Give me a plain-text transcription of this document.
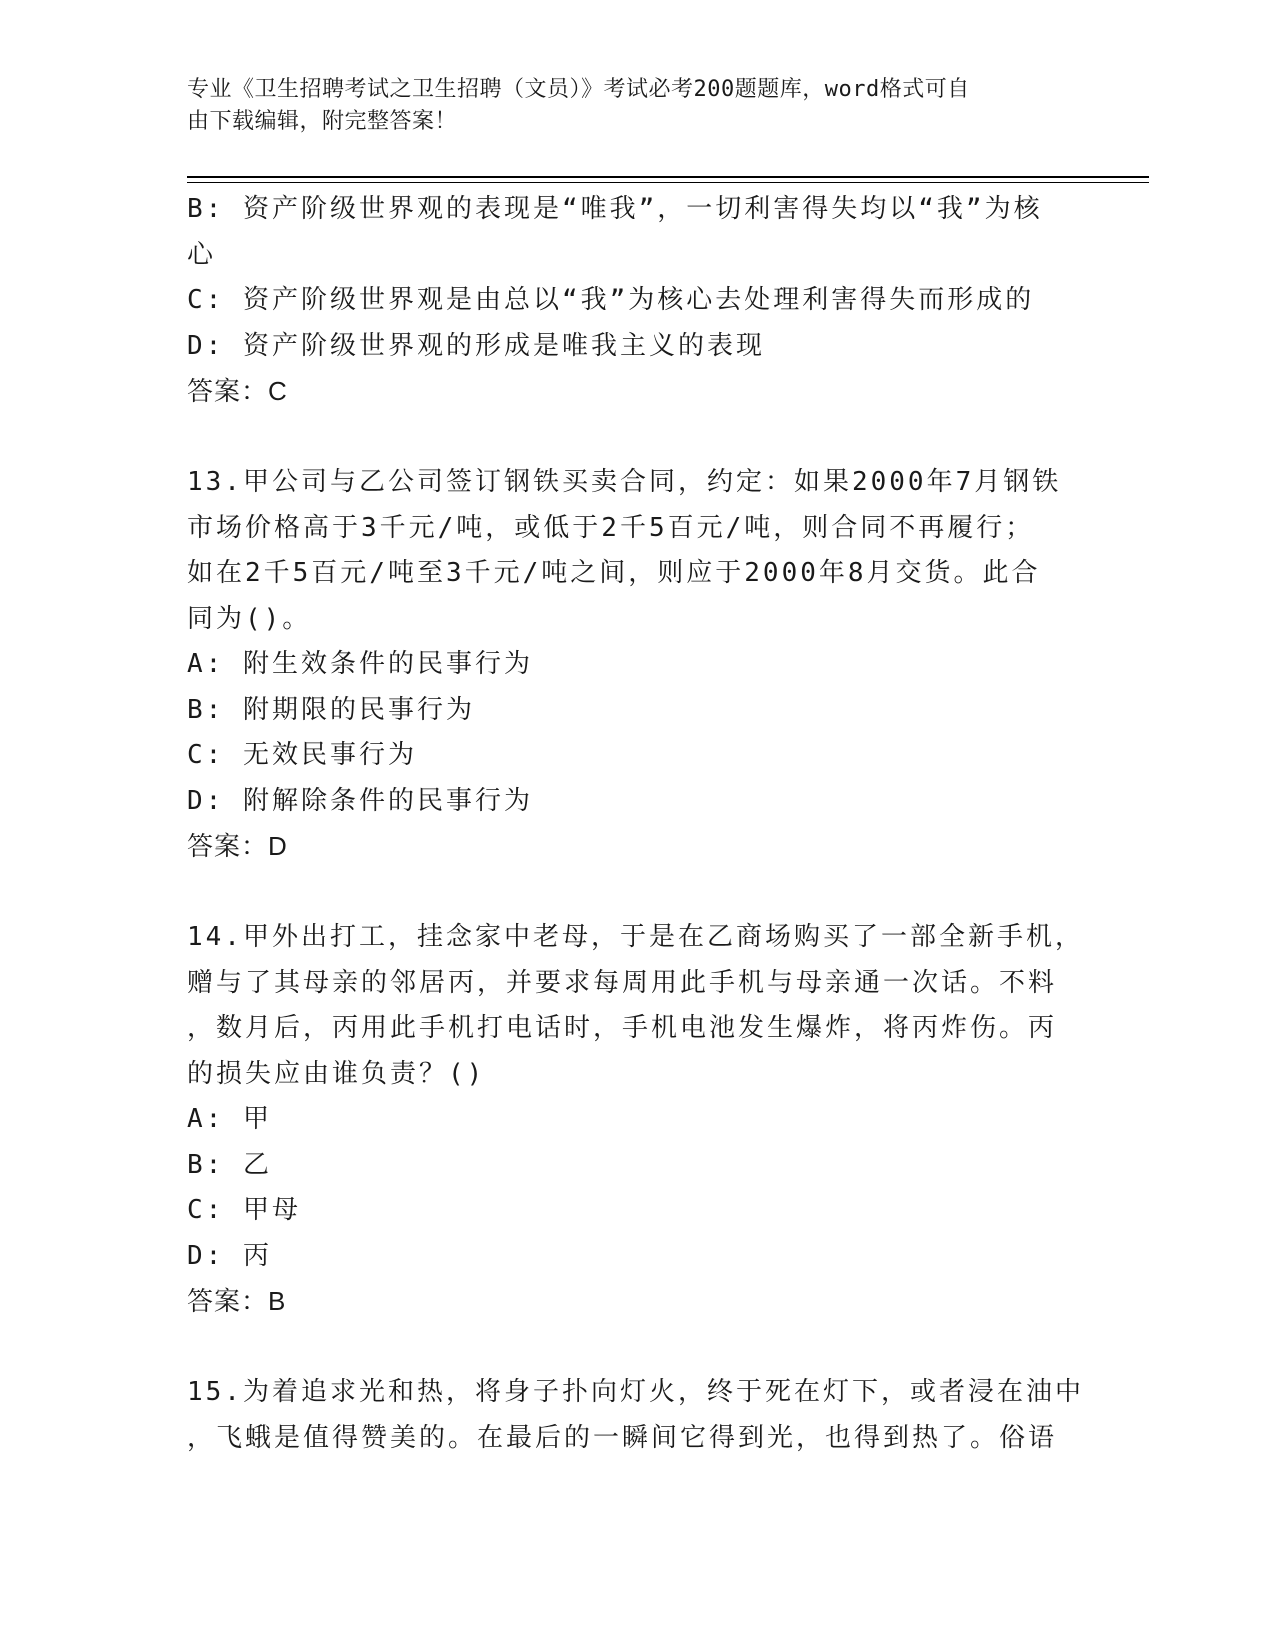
专业《卫生招聘考试之卫生招聘（文员）》考试必考200题题库，word格式可自
由下载编辑，附完整答案！
B: 资产阶级世界观的表现是“唯我”，一切利害得失均以“我”为核
心
C: 资产阶级世界观是由总以“我”为核心去处理利害得失而形成的
D: 资产阶级世界观的形成是唯我主义的表现
答案：C
13.甲公司与乙公司签订钢铁买卖合同，约定：如果2000年7月钢铁
市场价格高于3千元/吨，或低于2千5百元/吨，则合同不再履行；
如在2千5百元/吨至3千元/吨之间，则应于2000年8月交货。此合
同为()。
A: 附生效条件的民事行为
B: 附期限的民事行为
C: 无效民事行为
D: 附解除条件的民事行为
答案：D
14.甲外出打工，挂念家中老母，于是在乙商场购买了一部全新手机，
赠与了其母亲的邻居丙，并要求每周用此手机与母亲通一次话。不料
，数月后，丙用此手机打电话时，手机电池发生爆炸，将丙炸伤。丙
的损失应由谁负责？()
A: 甲
B: 乙
C: 甲母
D: 丙
答案：B
15.为着追求光和热，将身子扑向灯火，终于死在灯下，或者浸在油中
，飞蛾是值得赞美的。在最后的一瞬间它得到光，也得到热了。俗语
